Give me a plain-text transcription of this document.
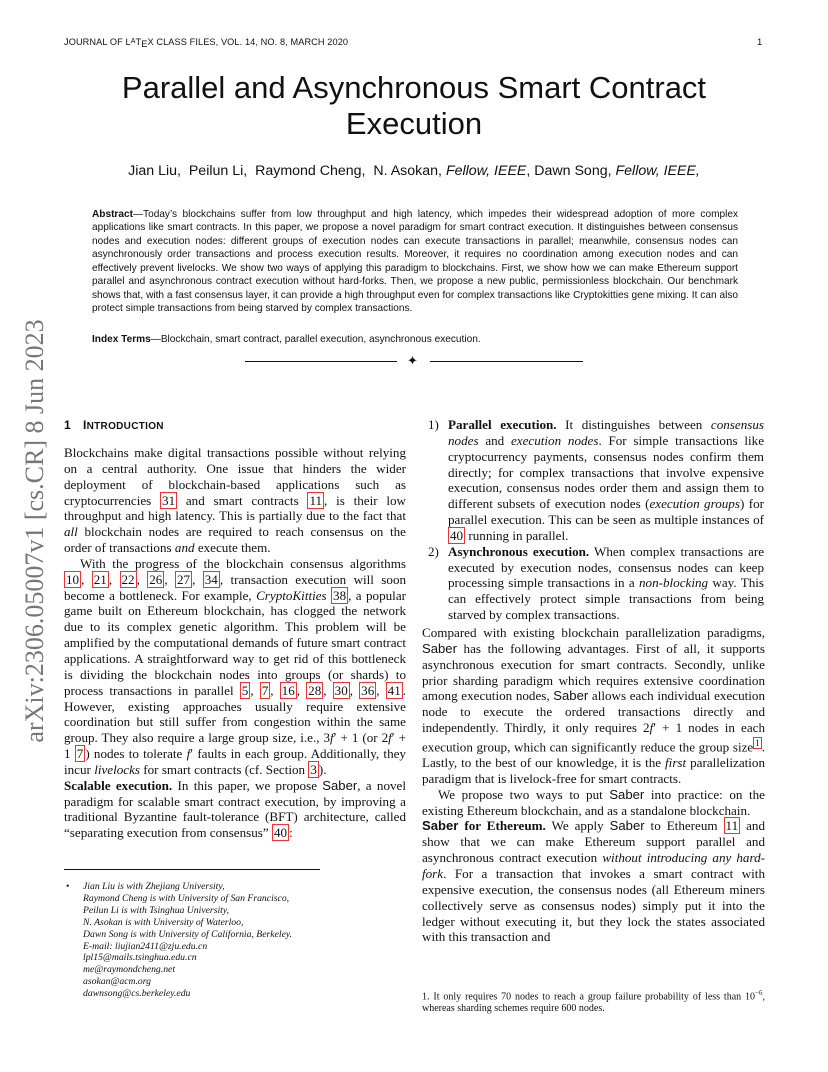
JOURNAL OF $L^ATEX$ CLASS FILES, VOL. 14, NO. 8, MARCH 2020	1
arXiv:2306.05007v1 [cs.CR] 8 Jun 2023
Parallel and Asynchronous Smart Contract Execution
Jian Liu,  Peilun Li,  Raymond Cheng,  N. Asokan, Fellow, IEEE, Dawn Song, Fellow, IEEE,
Abstract—Today’s blockchains suffer from low throughput and high latency, which impedes their widespread adoption of more complex applications like smart contracts. In this paper, we propose a novel paradigm for smart contract execution. It distinguishes between consensus nodes and execution nodes: different groups of execution nodes can execute transactions in parallel; meanwhile, consensus nodes can asynchronously order transactions and process execution results. Moreover, it requires no coordination among execution nodes and can effectively prevent livelocks. We show two ways of applying this paradigm to blockchains. First, we show how we can make Ethereum support parallel and asynchronous contract execution without hard-forks. Then, we propose a new public, permissionless blockchain. Our benchmark shows that, with a fast consensus layer, it can provide a high throughput even for complex transactions like Cryptokitties gene mixing. It can also protect simple transactions from being starved by complex transactions.
Index Terms—Blockchain, smart contract, parallel execution, asynchronous execution.
✦
1 INTRODUCTION

Blockchains make digital transactions possible without relying on a central authority. One issue that hinders the wider deployment of blockchain-based applications such as cryptocurrencies 31 and smart contracts 11 , is their low throughput and high latency. This is partially due to the fact that all blockchain nodes are required to reach consensus on the order of transactions and execute them.

With the progress of the blockchain consensus algorithms 10 , 21 , 22 , 26 , 27 , 34 , transaction execution will soon become a bottleneck. For example, CryptoKitties 38 , a popular game built on Ethereum blockchain, has clogged the network due to its complex genetic algorithm. This problem will be amplified by the computational demands of future smart contract applications. A straightforward way to get rid of this bottleneck is dividing the blockchain nodes into groups (or shards) to process transactions in parallel 5 , 7 , 16 , 28 , 30 , 36 , 41 . However, existing approaches usually require extensive coordination but still suffer from congestion within the same group. They also require a large group size, i.e., 3f′ + 1 (or 2f′ + 1 7 ) nodes to tolerate f′ faults in each group. Additionally, they incur livelocks for smart contracts (cf. Section 3 ).

Scalable execution. In this paper, we propose Saber, a novel paradigm for scalable smart contract execution, by improving a traditional Byzantine fault-tolerance (BFT) architecture, called “separating execution from consensus” 40 :

• Jian Liu is with Zhejiang University,
Raymond Cheng is with University of San Francisco,
Peilun Li is with Tsinghua University,
N. Asokan is with University of Waterloo,
Dawn Song is with University of California, Berkeley.
E-mail: liujian2411@zju.edu.cn
lpl15@mails.tsinghua.edu.cn
me@raymondcheng.net
asokan@acm.org
dawnsong@cs.berkeley.edu
1) Parallel execution. It distinguishes between consensus nodes and execution nodes. For simple transactions like cryptocurrency payments, consensus nodes confirm them directly; for complex transactions that involve expensive execution, consensus nodes order them and assign them to different subsets of execution nodes (execution groups) for parallel execution. This can be seen as multiple instances of 40 running in parallel.

2) Asynchronous execution. When complex transactions are executed by execution nodes, consensus nodes can keep processing simple transactions in a non-blocking way. This can effectively protect simple transactions from being starved by complex transactions.

Compared with existing blockchain parallelization paradigms, Saber has the following advantages. First of all, it supports asynchronous execution for smart contracts. Secondly, unlike prior sharding paradigm which requires extensive coordination among execution nodes, Saber allows each individual execution node to execute the ordered transactions directly and independently. Thirdly, it only requires 2f′ + 1 nodes in each execution group, which can significantly reduce the group size $^1$ . Lastly, to the best of our knowledge, it is the first parallelization paradigm that is livelock-free for smart contracts.

We propose two ways to put Saber into practice: on the existing Ethereum blockchain, and as a standalone blockchain.

Saber for Ethereum. We apply Saber to Ethereum 11 and show that we can make Ethereum support parallel and asynchronous contract execution without introducing any hard-fork. For a transaction that invokes a smart contract with expensive execution, the consensus nodes (all Ethereum miners collectively serve as consensus nodes) simply put it into the ledger without executing it, but they lock the states associated with this transaction and

1. It only requires 70 nodes to reach a group failure probability of less than $10^{-6}$, whereas sharding schemes require 600 nodes.
